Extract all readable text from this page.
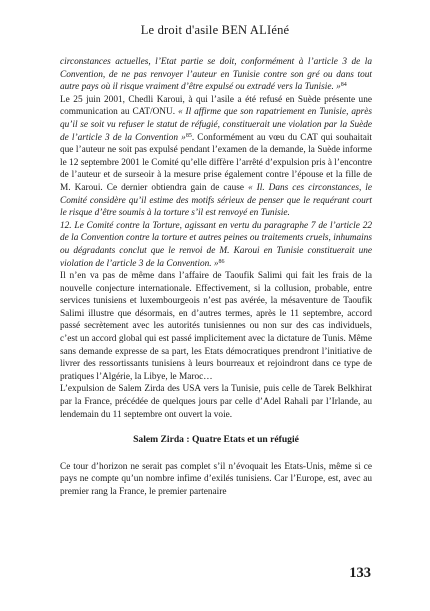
Le droit d'asile BEN ALIéné

circonstances actuelles, l’Etat partie se doit, conformément à l’article 3 de la Convention, de ne pas renvoyer l’auteur en Tunisie contre son gré ou dans tout autre pays où il risque vraiment d’être expulsé ou extradé vers la Tunisie. »$^{84}$

Le 25 juin 2001, Chedli Karoui, à qui l’asile a été refusé en Suède présente une communication au CAT/ONU. « Il affirme que son rapatriement en Tunisie, après qu’il se soit vu refuser le statut de réfugié, constituerait une violation par la Suède de l’article 3 de la Convention »$^{85}$. Conformément au vœu du CAT qui souhaitait que l’auteur ne soit pas expulsé pendant l’examen de la demande, la Suède informe le 12 septembre 2001 le Comité qu’elle diffère l’arrêté d’expulsion pris à l’encontre de l’auteur et de surseoir à la mesure prise également contre l’épouse et la fille de M. Karoui. Ce dernier obtiendra gain de cause « Il. Dans ces circonstances, le Comité considère qu’il estime des motifs sérieux de penser que le requérant court le risque d’être soumis à la torture s’il est renvoyé en Tunisie.

12. Le Comité contre la Torture, agissant en vertu du paragraphe 7 de l’article 22 de la Convention contre la torture et autres peines ou traitements cruels, inhumains ou dégradants conclut que le renvoi de M. Karoui en Tunisie constituerait une violation de l’article 3 de la Convention. »$^{86}$

Il n’en va pas de même dans l’affaire de Taoufik Salimi qui fait les frais de la nouvelle conjecture internationale. Effectivement, si la collusion, probable, entre services tunisiens et luxembourgeois n’est pas avérée, la mésaventure de Taoufik Salimi illustre que désormais, en d’autres termes, après le 11 septembre, accord passé secrètement avec les autorités tunisiennes ou non sur des cas individuels, c’est un accord global qui est passé implicitement avec la dictature de Tunis. Même sans demande expresse de sa part, les Etats démocratiques prendront l’initiative de livrer des ressortissants tunisiens à leurs bourreaux et rejoindront dans ce type de pratiques l’Algérie, la Libye, le Maroc…

L’expulsion de Salem Zirda des USA vers la Tunisie, puis celle de Tarek Belkhirat par la France, précédée de quelques jours par celle d’Adel Rahali par l’Irlande, au lendemain du 11 septembre ont ouvert la voie.

Salem Zirda : Quatre Etats et un réfugié

Ce tour d’horizon ne serait pas complet s’il n’évoquait les Etats-Unis, même si ce pays ne compte qu’un nombre infime d’exilés tunisiens. Car l’Europe, est, avec au premier rang la France, le premier partenaire

133
